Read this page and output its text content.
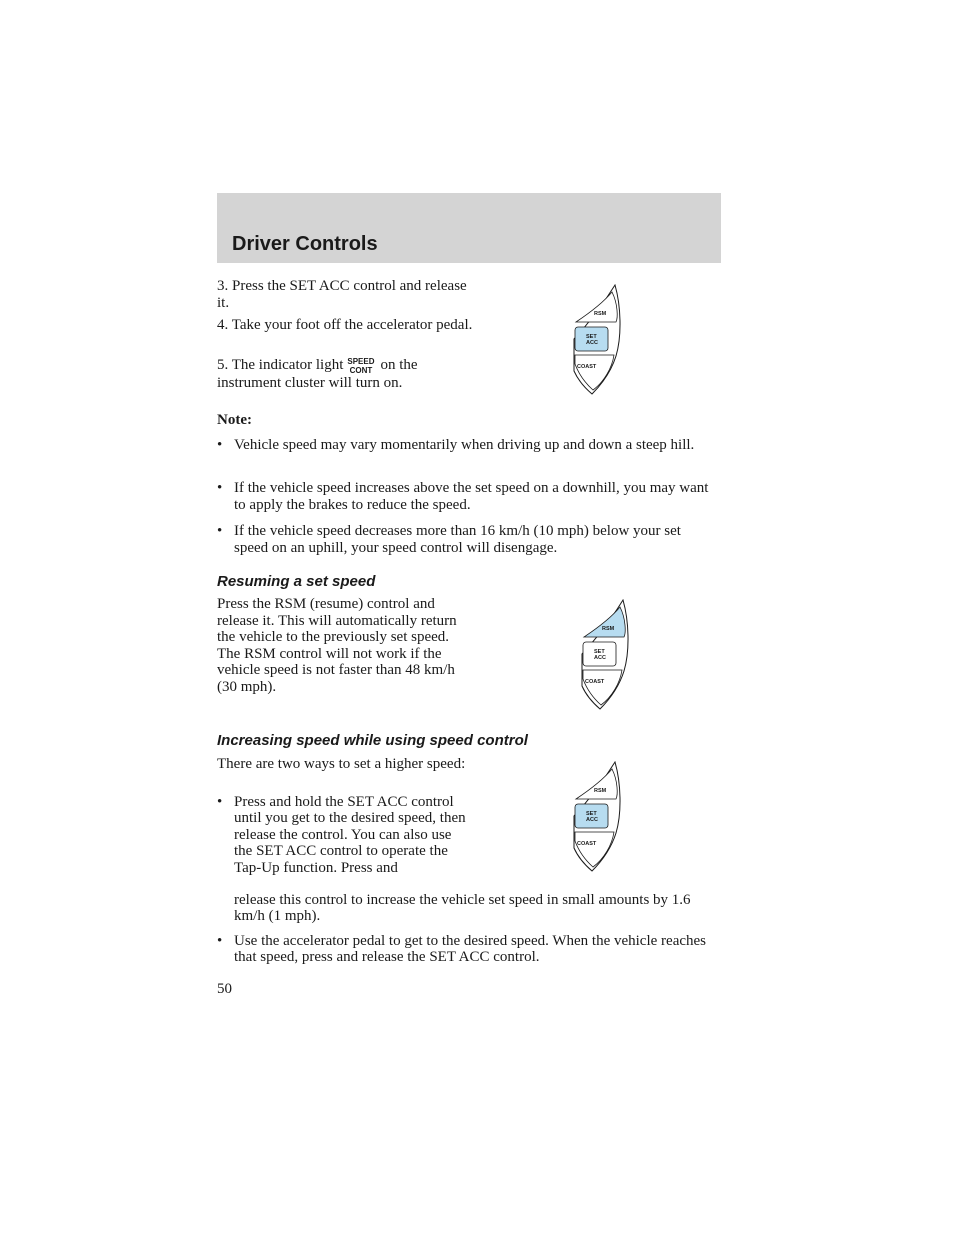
Driver Controls

3. Press the SET ACC control and release it.

4. Take your foot off the accelerator pedal.

5. The indicator light SPEED
CONT on the
instrument cluster will turn on.

RSM
SET
ACC
COAST

Note:

• Vehicle speed may vary momentarily when driving up and down a steep hill.
• If the vehicle speed increases above the set speed on a downhill, you may want to apply the brakes to reduce the speed.
• If the vehicle speed decreases more than 16 km/h (10 mph) below your set speed on an uphill, your speed control will disengage.
Resuming a set speed

Press the RSM (resume) control and release it. This will automatically return the vehicle to the previously set speed. The RSM control will not work if the vehicle speed is not faster than 48 km/h (30 mph).

RSM
SET
ACC
COAST
Increasing speed while using speed control

There are two ways to set a higher speed:

• Press and hold the SET ACC control until you get to the desired speed, then release the control. You can also use the SET ACC control to operate the Tap-Up function. Press and
release this control to increase the vehicle set speed in small amounts by 1.6 km/h (1 mph).
RSM
SET
ACC
COAST
• Use the accelerator pedal to get to the desired speed. When the vehicle reaches that speed, press and release the SET ACC control.
50
